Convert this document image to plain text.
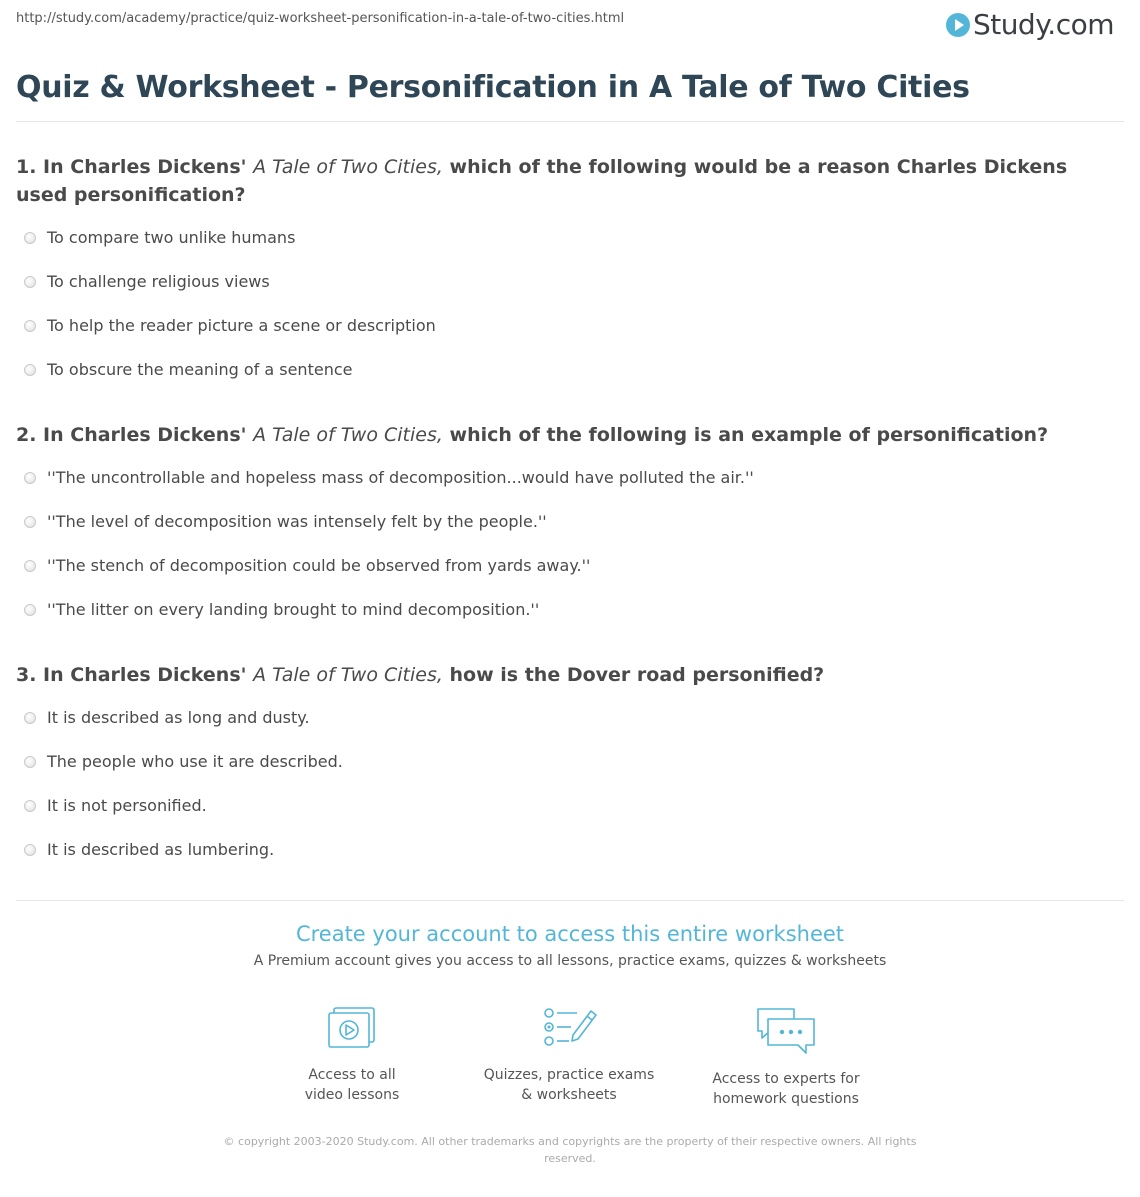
http://study.com/academy/practice/quiz-worksheet-personification-in-a-tale-of-two-cities.html	Study.com
Quiz & Worksheet - Personification in A Tale of Two Cities
1. In Charles Dickens' A Tale of Two Cities, which of the following would be a reason Charles Dickens used personification?
To compare two unlike humans
To challenge religious views
To help the reader picture a scene or description
To obscure the meaning of a sentence
2. In Charles Dickens' A Tale of Two Cities, which of the following is an example of personification?
''The uncontrollable and hopeless mass of decomposition...would have polluted the air.''
''The level of decomposition was intensely felt by the people.''
''The stench of decomposition could be observed from yards away.''
''The litter on every landing brought to mind decomposition.''
3. In Charles Dickens' A Tale of Two Cities, how is the Dover road personified?
It is described as long and dusty.
The people who use it are described.
It is not personified.
It is described as lumbering.
Create your account to access this entire worksheet
A Premium account gives you access to all lessons, practice exams, quizzes & worksheets
Access to all
video lessons
Quizzes, practice exams
& worksheets
Access to experts for
homework questions
© copyright 2003-2020 Study.com. All other trademarks and copyrights are the property of their respective owners. All rights
reserved.
